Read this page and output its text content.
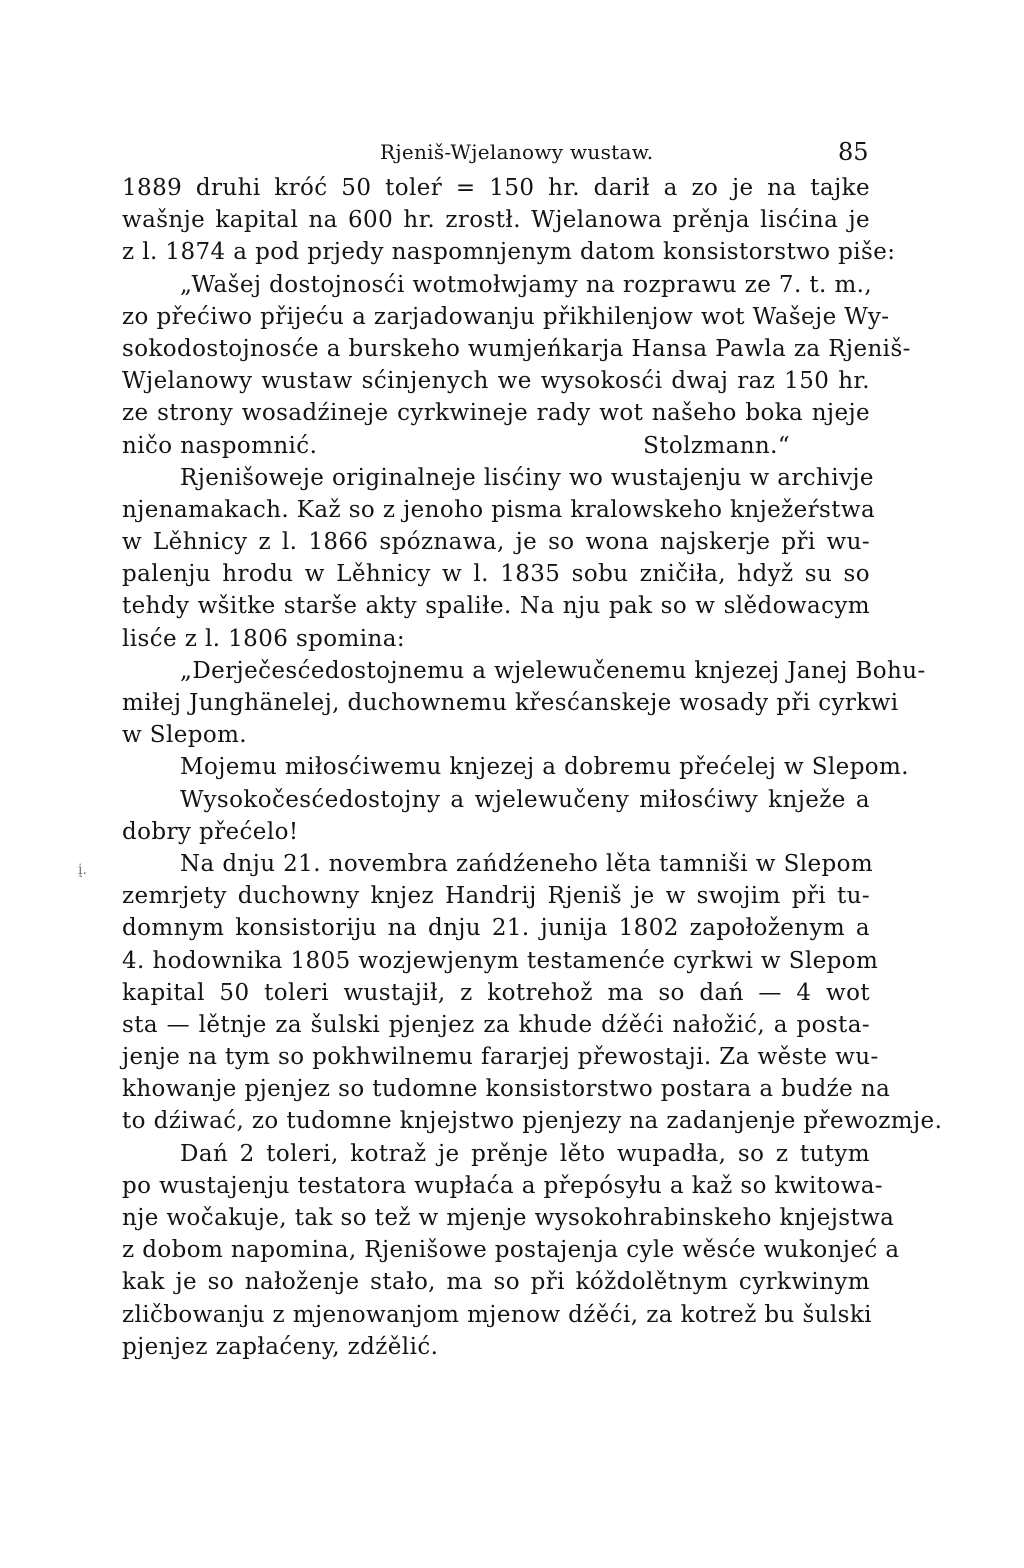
Rjeniš-Wjelanowy wustaw.	85
į.
1889 druhi króć 50 toleŕ = 150 hr. darił a zo je na tajke
wašnje kapital na 600 hr. zrostł. Wjelanowa prěnja lisćina je
z l. 1874 a pod prjedy naspomnjenym datom konsistorstwo piše:
„Wašej dostojnosći wotmołwjamy na rozprawu ze 7. t. m.,
zo přećiwo přijeću a zarjadowanju přikhilenjow wot Wašeje Wy-
sokodostojnosće a burskeho wumjeńkarja Hansa Pawla za Rjeniš-
Wjelanowy wustaw sćinjenych we wysokosći dwaj raz 150 hr.
ze strony wosadźineje cyrkwineje rady wot našeho boka njeje
ničo naspomnić.	Stolzmann.“
Rjenišoweje originalneje lisćiny wo wustajenju w archivje
njenamakach. Kaž so z jenoho pisma kralowskeho knježeŕstwa
w Lěhnicy z l. 1866 spóznawa, je so wona najskerje při wu-
palenju hrodu w Lěhnicy w l. 1835 sobu zničiła, hdyž su so
tehdy wšitke starše akty spaliłe. Na nju pak so w slědowacym
lisće z l. 1806 spomina:
„Derječesćedostojnemu a wjelewučenemu knjezej Janej Bohu-
miłej Junghänelej, duchownemu křesćanskeje wosady při cyrkwi
w Slepom.
Mojemu miłosćiwemu knjezej a dobremu přećelej w Slepom.
Wysokočesćedostojny a wjelewučeny miłosćiwy knježe a
dobry přećelo!
Na dnju 21. novembra zańdźeneho lěta tamniši w Slepom
zemrjety duchowny knjez Handrij Rjeniš je w swojim při tu-
domnym konsistoriju na dnju 21. junija 1802 zapołoženym a
4. hodownika 1805 wozjewjenym testamenće cyrkwi w Slepom
kapital 50 toleri wustajił, z kotrehož ma so dań — 4 wot
sta — lětnje za šulski pjenjez za khude dźěći nałožić, a posta-
jenje na tym so pokhwilnemu fararjej přewostaji. Za wěste wu-
khowanje pjenjez so tudomne konsistorstwo postara a budźe na
to dźiwać, zo tudomne knjejstwo pjenjezy na zadanjenje přewozmje.
Dań 2 toleri, kotraž je prěnje lěto wupadła, so z tutym
po wustajenju testatora wupłaća a přepósyłu a kaž so kwitowa-
nje wočakuje, tak so tež w mjenje wysokohrabinskeho knjejstwa
z dobom napomina, Rjenišowe postajenja cyle wěsće wukonjeć a
kak je so nałoženje stało, ma so při kóždolětnym cyrkwinym
zličbowanju z mjenowanjom mjenow dźěći, za kotrež bu šulski
pjenjez zapłaćeny, zdźělić.
